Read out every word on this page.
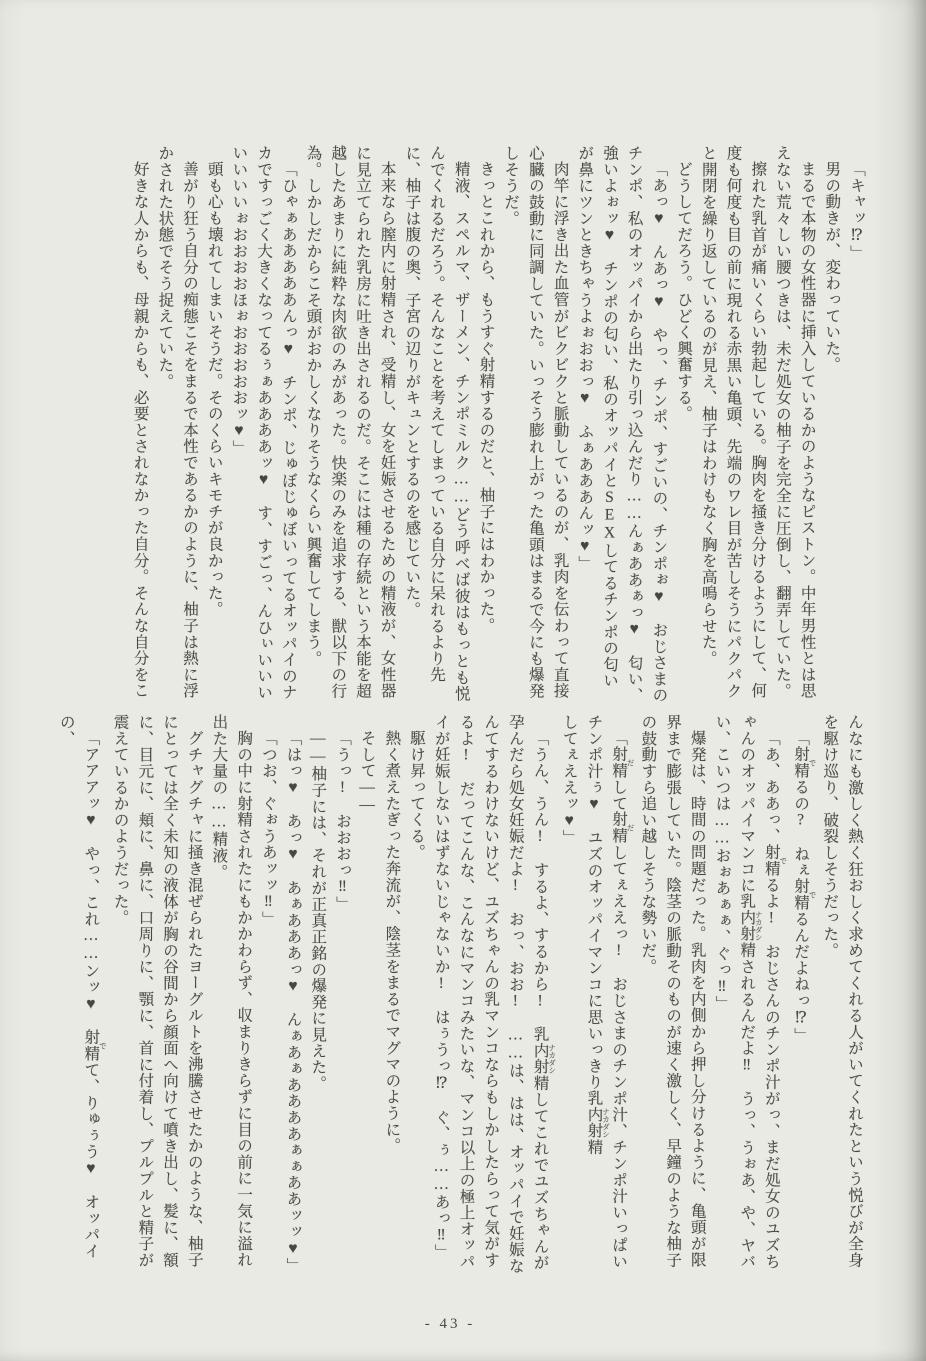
「キャッ⁉」

男の動きが、変わっていた。

まるで本物の女性器に挿入しているかのようなピストン。中年男性とは思えない荒々しい腰つきは、未だ処女の柚子を完全に圧倒し、翻弄していた。

擦れた乳首が痛いくらい勃起している。胸肉を掻き分けるようにして、何度も何度も目の前に現れる赤黒い亀頭、先端のワレ目が苦しそうにパクパクと開閉を繰り返しているのが見え、柚子はわけもなく胸を高鳴らせた。

どうしてだろう。ひどく興奮する。

「あっ♥　んあっ♥　やっ、チンポ、すごいの、チンポぉ♥　おじさまのチンポ、私のオッパイから出たり引っ込んだり……んぁああぁっ♥　匂い、強いよぉッ♥　チンポの匂い、私のオッパイとSEXしてるチンポの匂いが鼻にツンときちゃうよぉおおっ♥　ふぁあああんッ♥」

肉竿に浮き出た血管がビクビクと脈動しているのが、乳肉を伝わって直接心臓の鼓動に同調していた。いっそう膨れ上がった亀頭はまるで今にも爆発しそうだ。

きっとこれから、もうすぐ射精するのだと、柚子にはわかった。

精液、スペルマ、ザーメン、チンポミルク……どう呼べば彼はもっとも悦んでくれるだろう。そんなことを考えてしまっている自分に呆れるより先に、柚子は腹の奥、子宮の辺りがキュンとするのを感じていた。

本来なら膣内に射精され、受精し、女を妊娠させるための精液が、女性器に見立てられた乳房に吐き出されるのだ。そこには種の存続という本能を超越したあまりに純粋な肉欲のみがあった。快楽のみを追求する、獣以下の行為。しかしだからこそ頭がおかしくなりそうなくらい興奮してしまう。

「ひゃぁあああああんっ♥　チンポ、じゅぼじゅぼいってるオッパイのナカですっごく大きくなってるぅぁああああッ♥　す、すごっ、んひぃいいいいいいいぉおおおおほぉおおおおおッ♥」

頭も心も壊れてしまいそうだ。そのくらいキモチが良かった。

善がり狂う自分の痴態こそをまるで本性であるかのように、柚子は熱に浮かされた状態でそう捉えていた。

好きな人からも、母親からも、必要とされなかった自分。そんな自分をこ

んなにも激しく熱く狂おしく求めてくれる人がいてくれたという悦びが全身を駆け巡り、破裂しそうだった。

「射精 でるの?　ねぇ射精 でるんだよねっ⁉」

「あ、ああっ、射精 でるよ!　おじさんのチンポ汁がっ、まだ処女のユズちゃんのオッパイマンコに乳内射精 ナカダシされるんだよ‼　うっ、うぉあ、や、ヤバい、こいつは……おぉあぁぁ、ぐっ‼」

爆発は、時間の問題だった。乳肉を内側から押し分けるように、亀頭が限界まで膨張していた。陰茎の脈動そのものが速く激しく、早鐘のような柚子の鼓動すら追い越しそうな勢いだ。

「射精 だして射精 だしてぇええっ!　おじさまのチンポ汁、チンポ汁いっぱいチンポ汁ぅ♥　ユズのオッパイマンコに思いっきり乳内射精 ナカダシしてぇええッ♥」

「うん、うん!　するよ、するから!　乳内射精 ナカダシしてこれでユズちゃんが孕んだら処女妊娠だよ!　おっ、おお!　……は、はは、オッパイで妊娠なんてするわけないけど、ユズちゃんの乳マンコならもしかしたらって気がするよ!　だってこんな、こんなにマンコみたいな、マンコ以上の極上オッパイが妊娠しないはずないじゃないか!　はぅうっ⁉　ぐ、ぅ……あっ‼」

駆け昇ってくる。

熱く煮えたぎった奔流が、陰茎をまるでマグマのように。

そして――

「うっ!　おおおっ‼」

――柚子には、それが正真正銘の爆発に見えた。

「はっ♥　あっ♥　あぁあああっ♥　んぁあぁああああぁぁああッッ♥」

「つお、ぐぉうあッッ‼」

胸の中に射精されたにもかかわらず、収まりきらずに目の前に一気に溢れ出た大量の……精液。

グチャグチャに掻き混ぜられたヨーグルトを沸騰させたかのような、柚子にとっては全く未知の液体が胸の谷間から顔面へ向けて噴き出し、髪に、額に、目元に、頬に、鼻に、口周りに、顎に、首に付着し、プルプルと精子が震えているかのようだった。

「アアアッ♥　やっ、これ……ンッ♥　射精 でて、りゅぅう♥　オッパイの、

- 43 -
